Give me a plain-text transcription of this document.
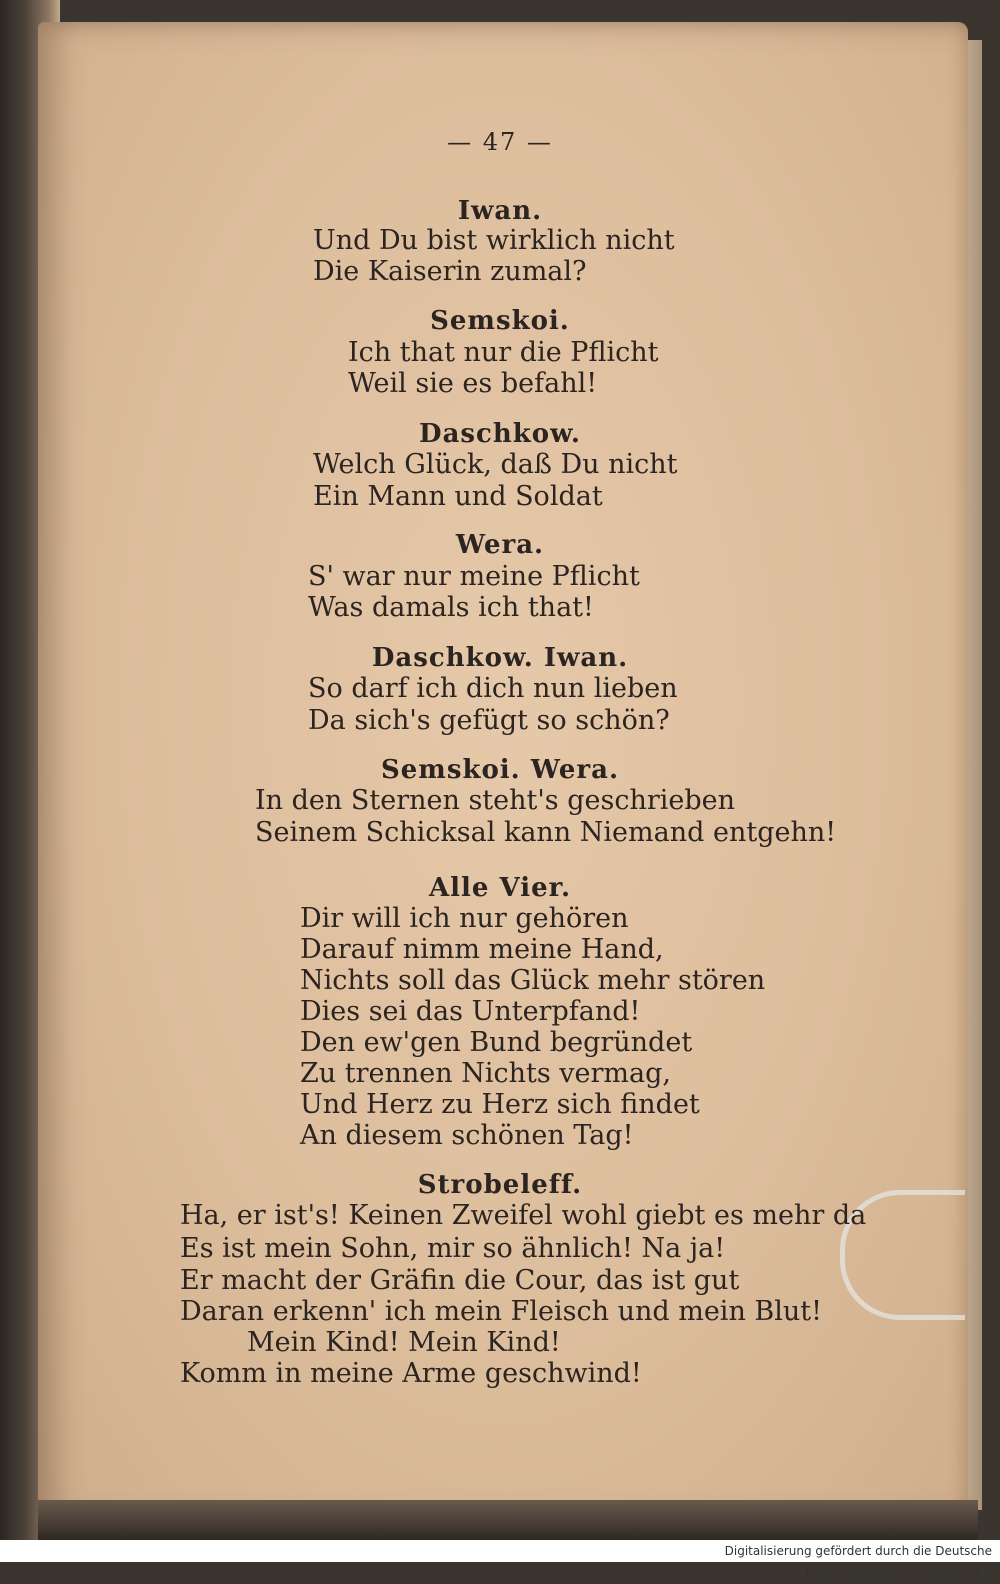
— 47 —
Iwan.
Und Du bist wirklich nicht
Die Kaiserin zumal?
Semskoi.
Ich that nur die Pflicht
Weil sie es befahl!
Daschkow.
Welch Glück, daß Du nicht
Ein Mann und Soldat
Wera.
S' war nur meine Pflicht
Was damals ich that!
Daschkow. Iwan.
So darf ich dich nun lieben
Da sich's gefügt so schön?
Semskoi. Wera.
In den Sternen steht's geschrieben
Seinem Schicksal kann Niemand entgehn!
Alle Vier.
Dir will ich nur gehören
Darauf nimm meine Hand,
Nichts soll das Glück mehr stören
Dies sei das Unterpfand!
Den ew'gen Bund begründet
Zu trennen Nichts vermag,
Und Herz zu Herz sich findet
An diesem schönen Tag!
Strobeleff.
Ha, er ist's! Keinen Zweifel wohl giebt es mehr da
Es ist mein Sohn, mir so ähnlich! Na ja!
Er macht der Gräfin die Cour, das ist gut
Daran erkenn' ich mein Fleisch und mein Blut!
Mein Kind! Mein Kind!
Komm in meine Arme geschwind!
Digitalisierung gefördert durch die Deutsche Forschungsgemeinschaft · DFG
